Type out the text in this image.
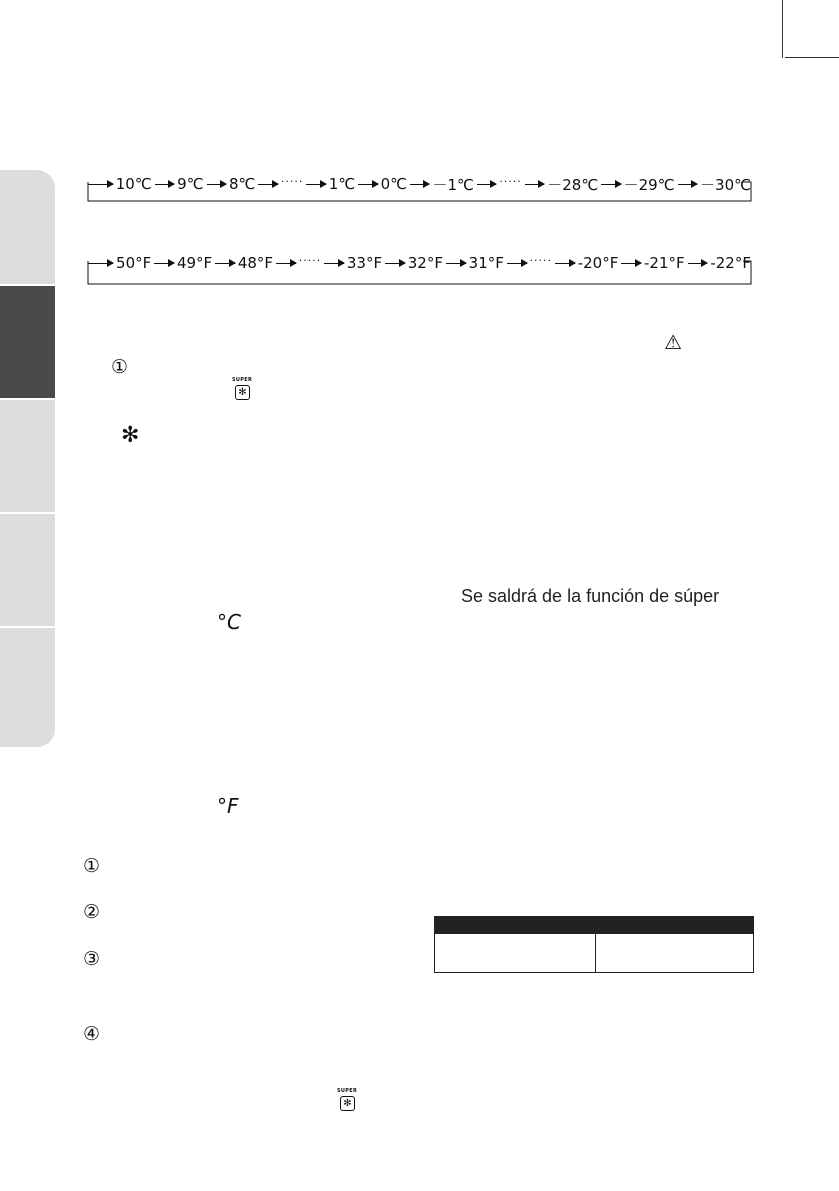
10℃ 9℃ 8℃ ····· 1℃ 0℃ －1℃ ····· －28℃ －29℃ －30℃
50°F 49°F 48°F ····· 33°F 32°F 31°F ····· -20°F -21°F -22°F
⚠
①
SUPER
✻
✻
Se saldrá de la función de súper
°C
°F
①
②
③
④

SUPER
✻
